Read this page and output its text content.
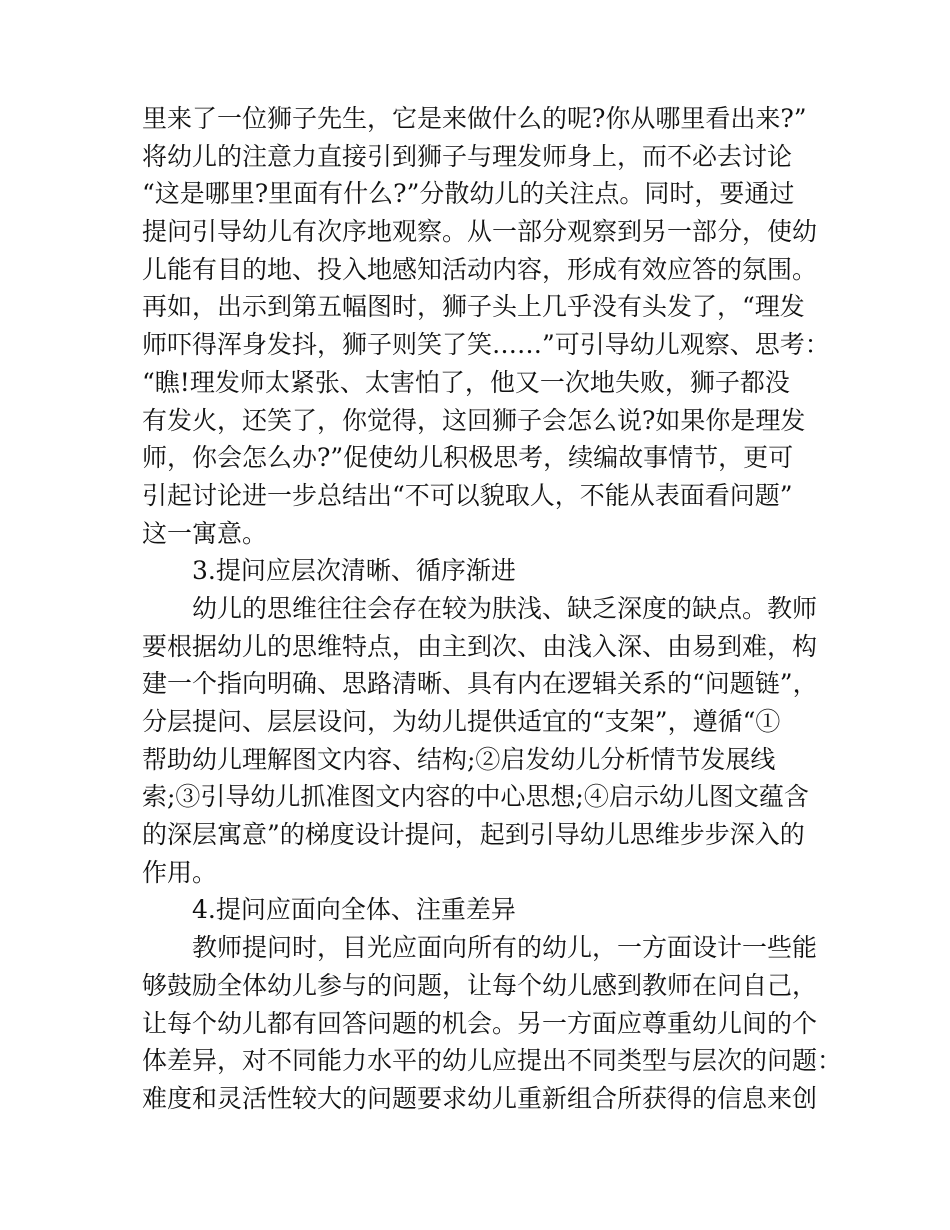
里来了一位狮子先生，它是来做什么的呢?你从哪里看出来?”
将幼儿的注意力直接引到狮子与理发师身上，而不必去讨论
“这是哪里?里面有什么?”分散幼儿的关注点。同时，要通过
提问引导幼儿有次序地观察。从一部分观察到另一部分，使幼
儿能有目的地、投入地感知活动内容，形成有效应答的氛围。
再如，出示到第五幅图时，狮子头上几乎没有头发了，“理发
师吓得浑身发抖，狮子则笑了笑……”可引导幼儿观察、思考：
“瞧!理发师太紧张、太害怕了，他又一次地失败，狮子都没
有发火，还笑了，你觉得，这回狮子会怎么说?如果你是理发
师，你会怎么办?”促使幼儿积极思考，续编故事情节，更可
引起讨论进一步总结出“不可以貌取人，不能从表面看问题”
这一寓意。
3.提问应层次清晰、循序渐进
幼儿的思维往往会存在较为肤浅、缺乏深度的缺点。教师
要根据幼儿的思维特点，由主到次、由浅入深、由易到难，构
建一个指向明确、思路清晰、具有内在逻辑关系的“问题链”，
分层提问、层层设问，为幼儿提供适宜的“支架”，遵循“①
帮助幼儿理解图文内容、结构;②启发幼儿分析情节发展线
索;③引导幼儿抓准图文内容的中心思想;④启示幼儿图文蕴含
的深层寓意”的梯度设计提问，起到引导幼儿思维步步深入的
作用。
4.提问应面向全体、注重差异
教师提问时，目光应面向所有的幼儿，一方面设计一些能
够鼓励全体幼儿参与的问题，让每个幼儿感到教师在问自己，
让每个幼儿都有回答问题的机会。另一方面应尊重幼儿间的个
体差异，对不同能力水平的幼儿应提出不同类型与层次的问题：
难度和灵活性较大的问题要求幼儿重新组合所获得的信息来创
